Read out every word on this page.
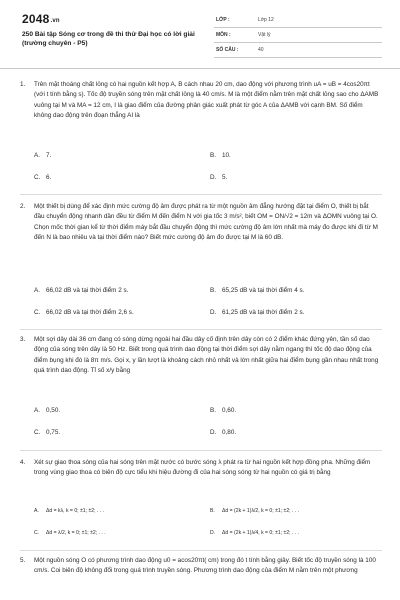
2048.vn
250 Bài tập Sóng cơ trong đề thi thử Đại học có lời giải (trường chuyên - P5)
LỚP :	Lớp 12
MÔN :	Vật lý
SỐ CÂU :	40
1.	Trên mặt thoáng chất lỏng có hai nguồn kết hợp A, B cách nhau 20 cm, dao động với phương trình uA = uB = 4cos20πt (với t tính bằng s). Tốc độ truyền sóng trên mặt chất lỏng là 40 cm/s. M là một điểm nằm trên mặt chất lỏng sao cho ΔAMB vuông tại M và MA = 12 cm, I là giao điểm của đường phân giác xuất phát từ góc A của ΔAMB với cạnh BM. Số điểm không dao động trên đoạn thẳng AI là
A. 7.	B. 10.
C. 6.	D. 5.
2.	Một thiết bị dùng để xác định mức cường độ âm được phát ra từ một nguồn âm đẳng hướng đặt tại điểm O, thiết bị bắt đầu chuyển động nhanh dần đều từ điểm M đến điểm N với gia tốc 3 m/s², biết OM = ON/√2 = 12m và ΔOMN vuông tại O. Chọn mốc thời gian kể từ thời điểm máy bắt đầu chuyển động thì mức cường độ âm lớn nhất mà máy đo được khi đi từ M đến N là bao nhiêu và tại thời điểm nào? Biết mức cường độ âm đo được tại M là 60 dB.
A. 66,02 dB và tại thời điểm 2 s.	B. 65,25 dB và tại thời điểm 4 s.
C. 66,02 dB và tại thời điểm 2,6 s.	D. 61,25 dB và tại thời điểm 2 s.
3.	Một sợi dây dài 36 cm đang có sóng dừng ngoài hai đầu dây cố định trên dây còn có 2 điểm khác đứng yên, tần số dao động của sóng trên dây là 50 Hz. Biết trong quá trình dao động tại thời điểm sợi dây nằm ngang thì tốc độ dao động của điểm bụng khi đó là 8π m/s. Gọi x, y lần lượt là khoảng cách nhỏ nhất và lớn nhất giữa hai điểm bụng gần nhau nhất trong quá trình dao động. Tỉ số x/y bằng
A. 0,50.	B. 0,60.
C. 0,75.	D. 0,80.
4.	Xét sự giao thoa sóng của hai sóng trên mặt nước có bước sóng λ phát ra từ hai nguồn kết hợp đồng pha. Những điểm trong vùng giao thoa có biên độ cực tiểu khi hiệu đường đi của hai sóng sóng từ hai nguồn có giá trị bằng
A. Δd = kλ, k = 0; ±1; ±2; . . .	B. Δd = (2k + 1)λ/2, k = 0; ±1; ±2; . . .
C. Δd = λ/2, k = 0; ±1; ±2; . . .	D. Δd = (2k + 1)λ/4, k = 0; ±1; ±2; . . .
5.	Một nguồn sóng O có phương trình dao động u0 = acos20πt( cm) trong đó t tính bằng giây. Biết tốc độ truyền sóng là 100 cm/s. Coi biên độ không đổi trong quá trình truyền sóng. Phương trình dao động của điểm M nằm trên một phương
